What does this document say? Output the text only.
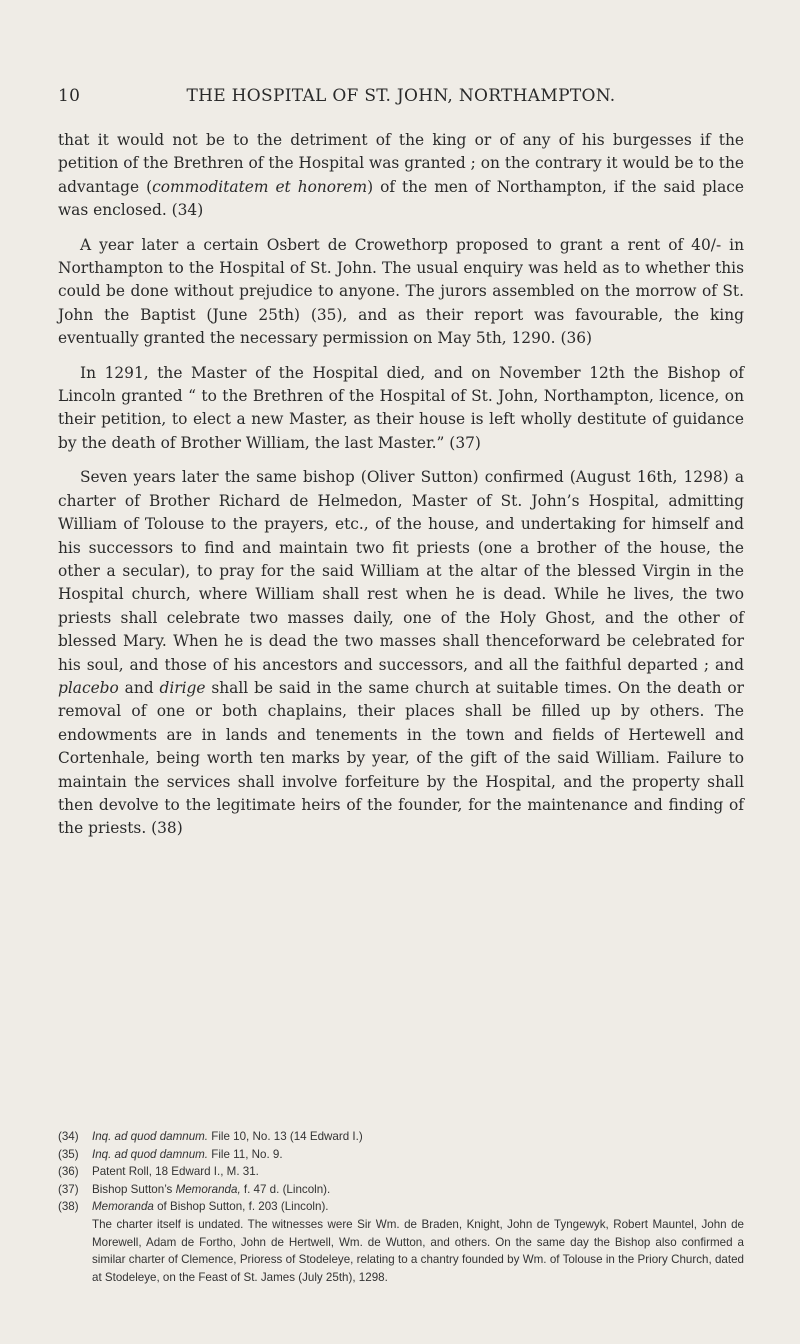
10	THE HOSPITAL OF ST. JOHN, NORTHAMPTON.

that it would not be to the detriment of the king or of any of his burgesses if the petition of the Brethren of the Hospital was granted ; on the contrary it would be to the advantage (commoditatem et honorem) of the men of Northampton, if the said place was enclosed. (34)

A year later a certain Osbert de Crowethorp proposed to grant a rent of 40/- in Northampton to the Hospital of St. John. The usual enquiry was held as to whether this could be done without prejudice to anyone. The jurors assembled on the morrow of St. John the Baptist (June 25th) (35), and as their report was favourable, the king eventually granted the necessary permission on May 5th, 1290. (36)

In 1291, the Master of the Hospital died, and on November 12th the Bishop of Lincoln granted “ to the Brethren of the Hospital of St. John, Northampton, licence, on their petition, to elect a new Master, as their house is left wholly destitute of guidance by the death of Brother William, the last Master.” (37)

Seven years later the same bishop (Oliver Sutton) confirmed (August 16th, 1298) a charter of Brother Richard de Helmedon, Master of St. John’s Hospital, admitting William of Tolouse to the prayers, etc., of the house, and undertaking for himself and his successors to find and maintain two fit priests (one a brother of the house, the other a secular), to pray for the said William at the altar of the blessed Virgin in the Hospital church, where William shall rest when he is dead. While he lives, the two priests shall celebrate two masses daily, one of the Holy Ghost, and the other of blessed Mary. When he is dead the two masses shall thenceforward be celebrated for his soul, and those of his ancestors and successors, and all the faithful departed ; and placebo and dirige shall be said in the same church at suitable times. On the death or removal of one or both chaplains, their places shall be filled up by others. The endowments are in lands and tenements in the town and fields of Hertewell and Cortenhale, being worth ten marks by year, of the gift of the said William. Failure to maintain the services shall involve forfeiture by the Hospital, and the property shall then devolve to the legitimate heirs of the founder, for the maintenance and finding of the priests. (38)

(34) Inq. ad quod damnum. File 10, No. 13 (14 Edward I.)

(35) Inq. ad quod damnum. File 11, No. 9.

(36) Patent Roll, 18 Edward I., M. 31.

(37) Bishop Sutton’s Memoranda, f. 47 d. (Lincoln).

(38) Memoranda of Bishop Sutton, f. 203 (Lincoln).

The charter itself is undated. The witnesses were Sir Wm. de Braden, Knight, John de Tyngewyk, Robert Mauntel, John de Morewell, Adam de Fortho, John de Hertwell, Wm. de Wutton, and others. On the same day the Bishop also confirmed a similar charter of Clemence, Prioress of Stodeleye, relating to a chantry founded by Wm. of Tolouse in the Priory Church, dated at Stodeleye, on the Feast of St. James (July 25th), 1298.
